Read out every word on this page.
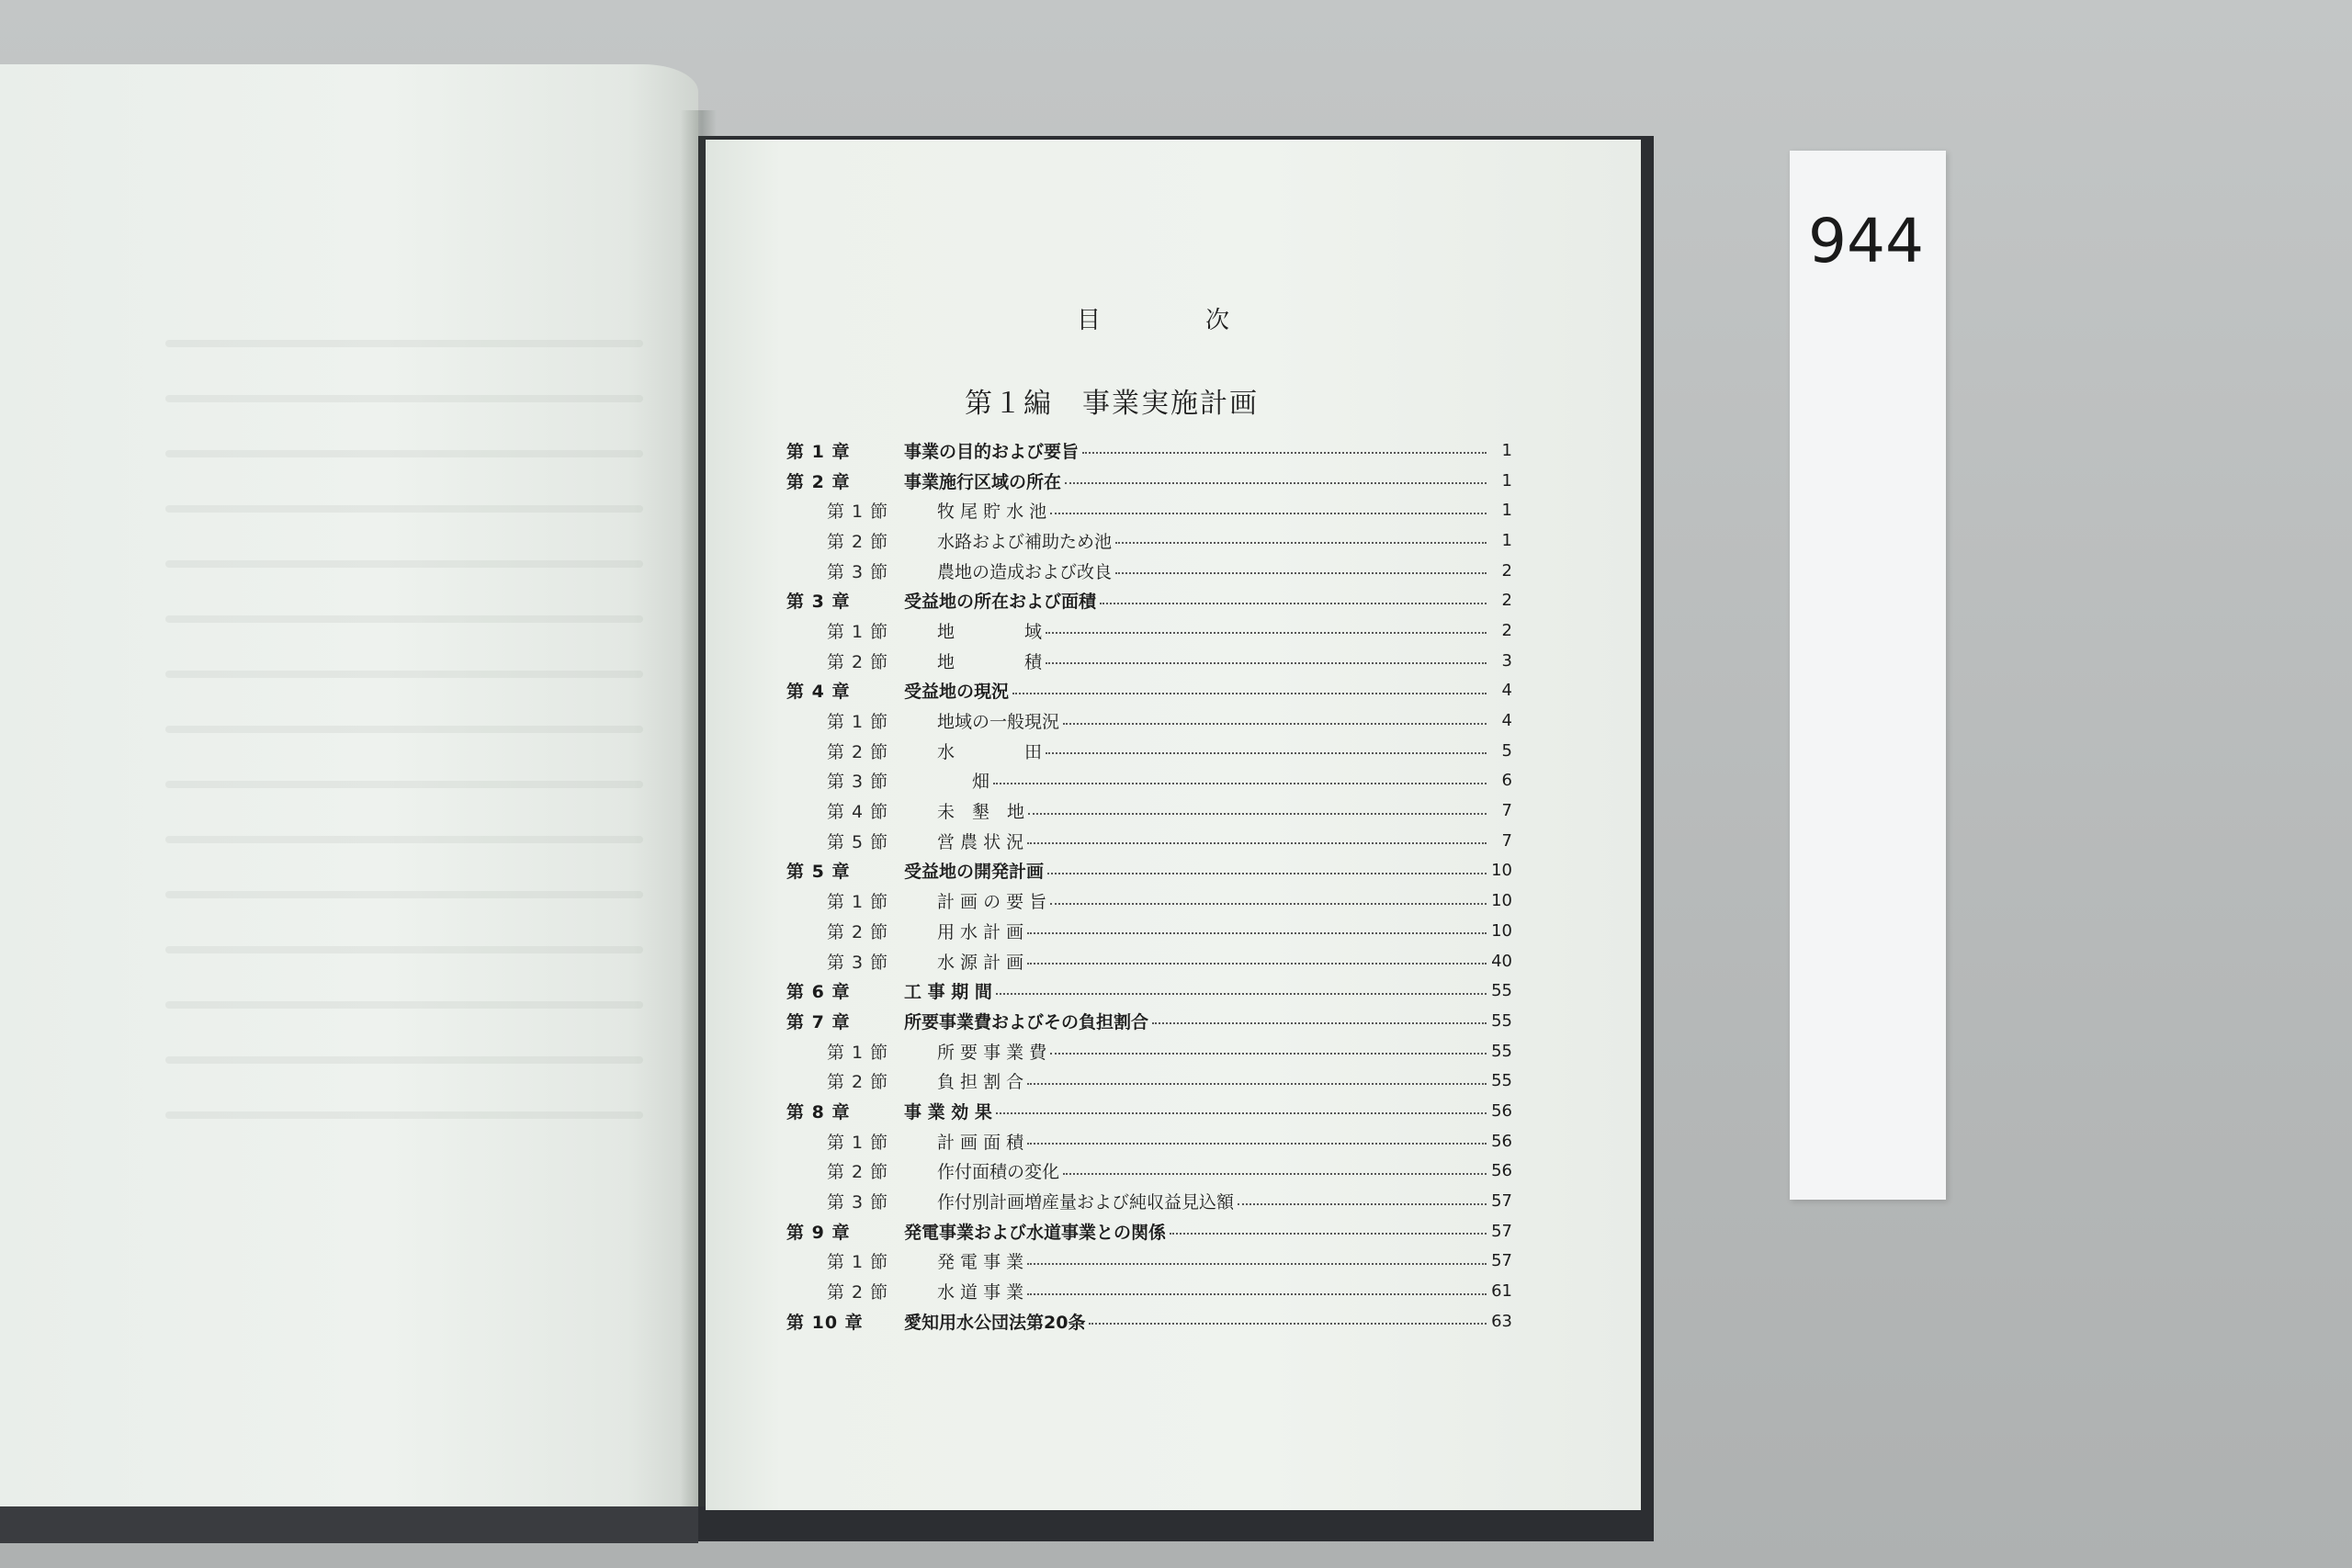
目　次
第１編　事業実施計画
第 1 章	事業の目的および要旨	1
第 2 章	事業施行区域の所在	1
第 1 節	牧 尾 貯 水 池	1
第 2 節	水路および補助ため池	1
第 3 節	農地の造成および改良	2
第 3 章	受益地の所在および面積	2
第 1 節	地　　　　域	2
第 2 節	地　　　　積	3
第 4 章	受益地の現況	4
第 1 節	地域の一般現況	4
第 2 節	水　　　　田	5
第 3 節	　　畑	6
第 4 節	未　墾　地	7
第 5 節	営 農 状 況	7
第 5 章	受益地の開発計画	10
第 1 節	計 画 の 要 旨	10
第 2 節	用 水 計 画	10
第 3 節	水 源 計 画	40
第 6 章	工 事 期 間	55
第 7 章	所要事業費およびその負担割合	55
第 1 節	所 要 事 業 費	55
第 2 節	負 担 割 合	55
第 8 章	事 業 効 果	56
第 1 節	計 画 面 積	56
第 2 節	作付面積の変化	56
第 3 節	作付別計画増産量および純収益見込額	57
第 9 章	発電事業および水道事業との関係	57
第 1 節	発 電 事 業	57
第 2 節	水 道 事 業	61
第 10 章	愛知用水公団法第20条	63
944
